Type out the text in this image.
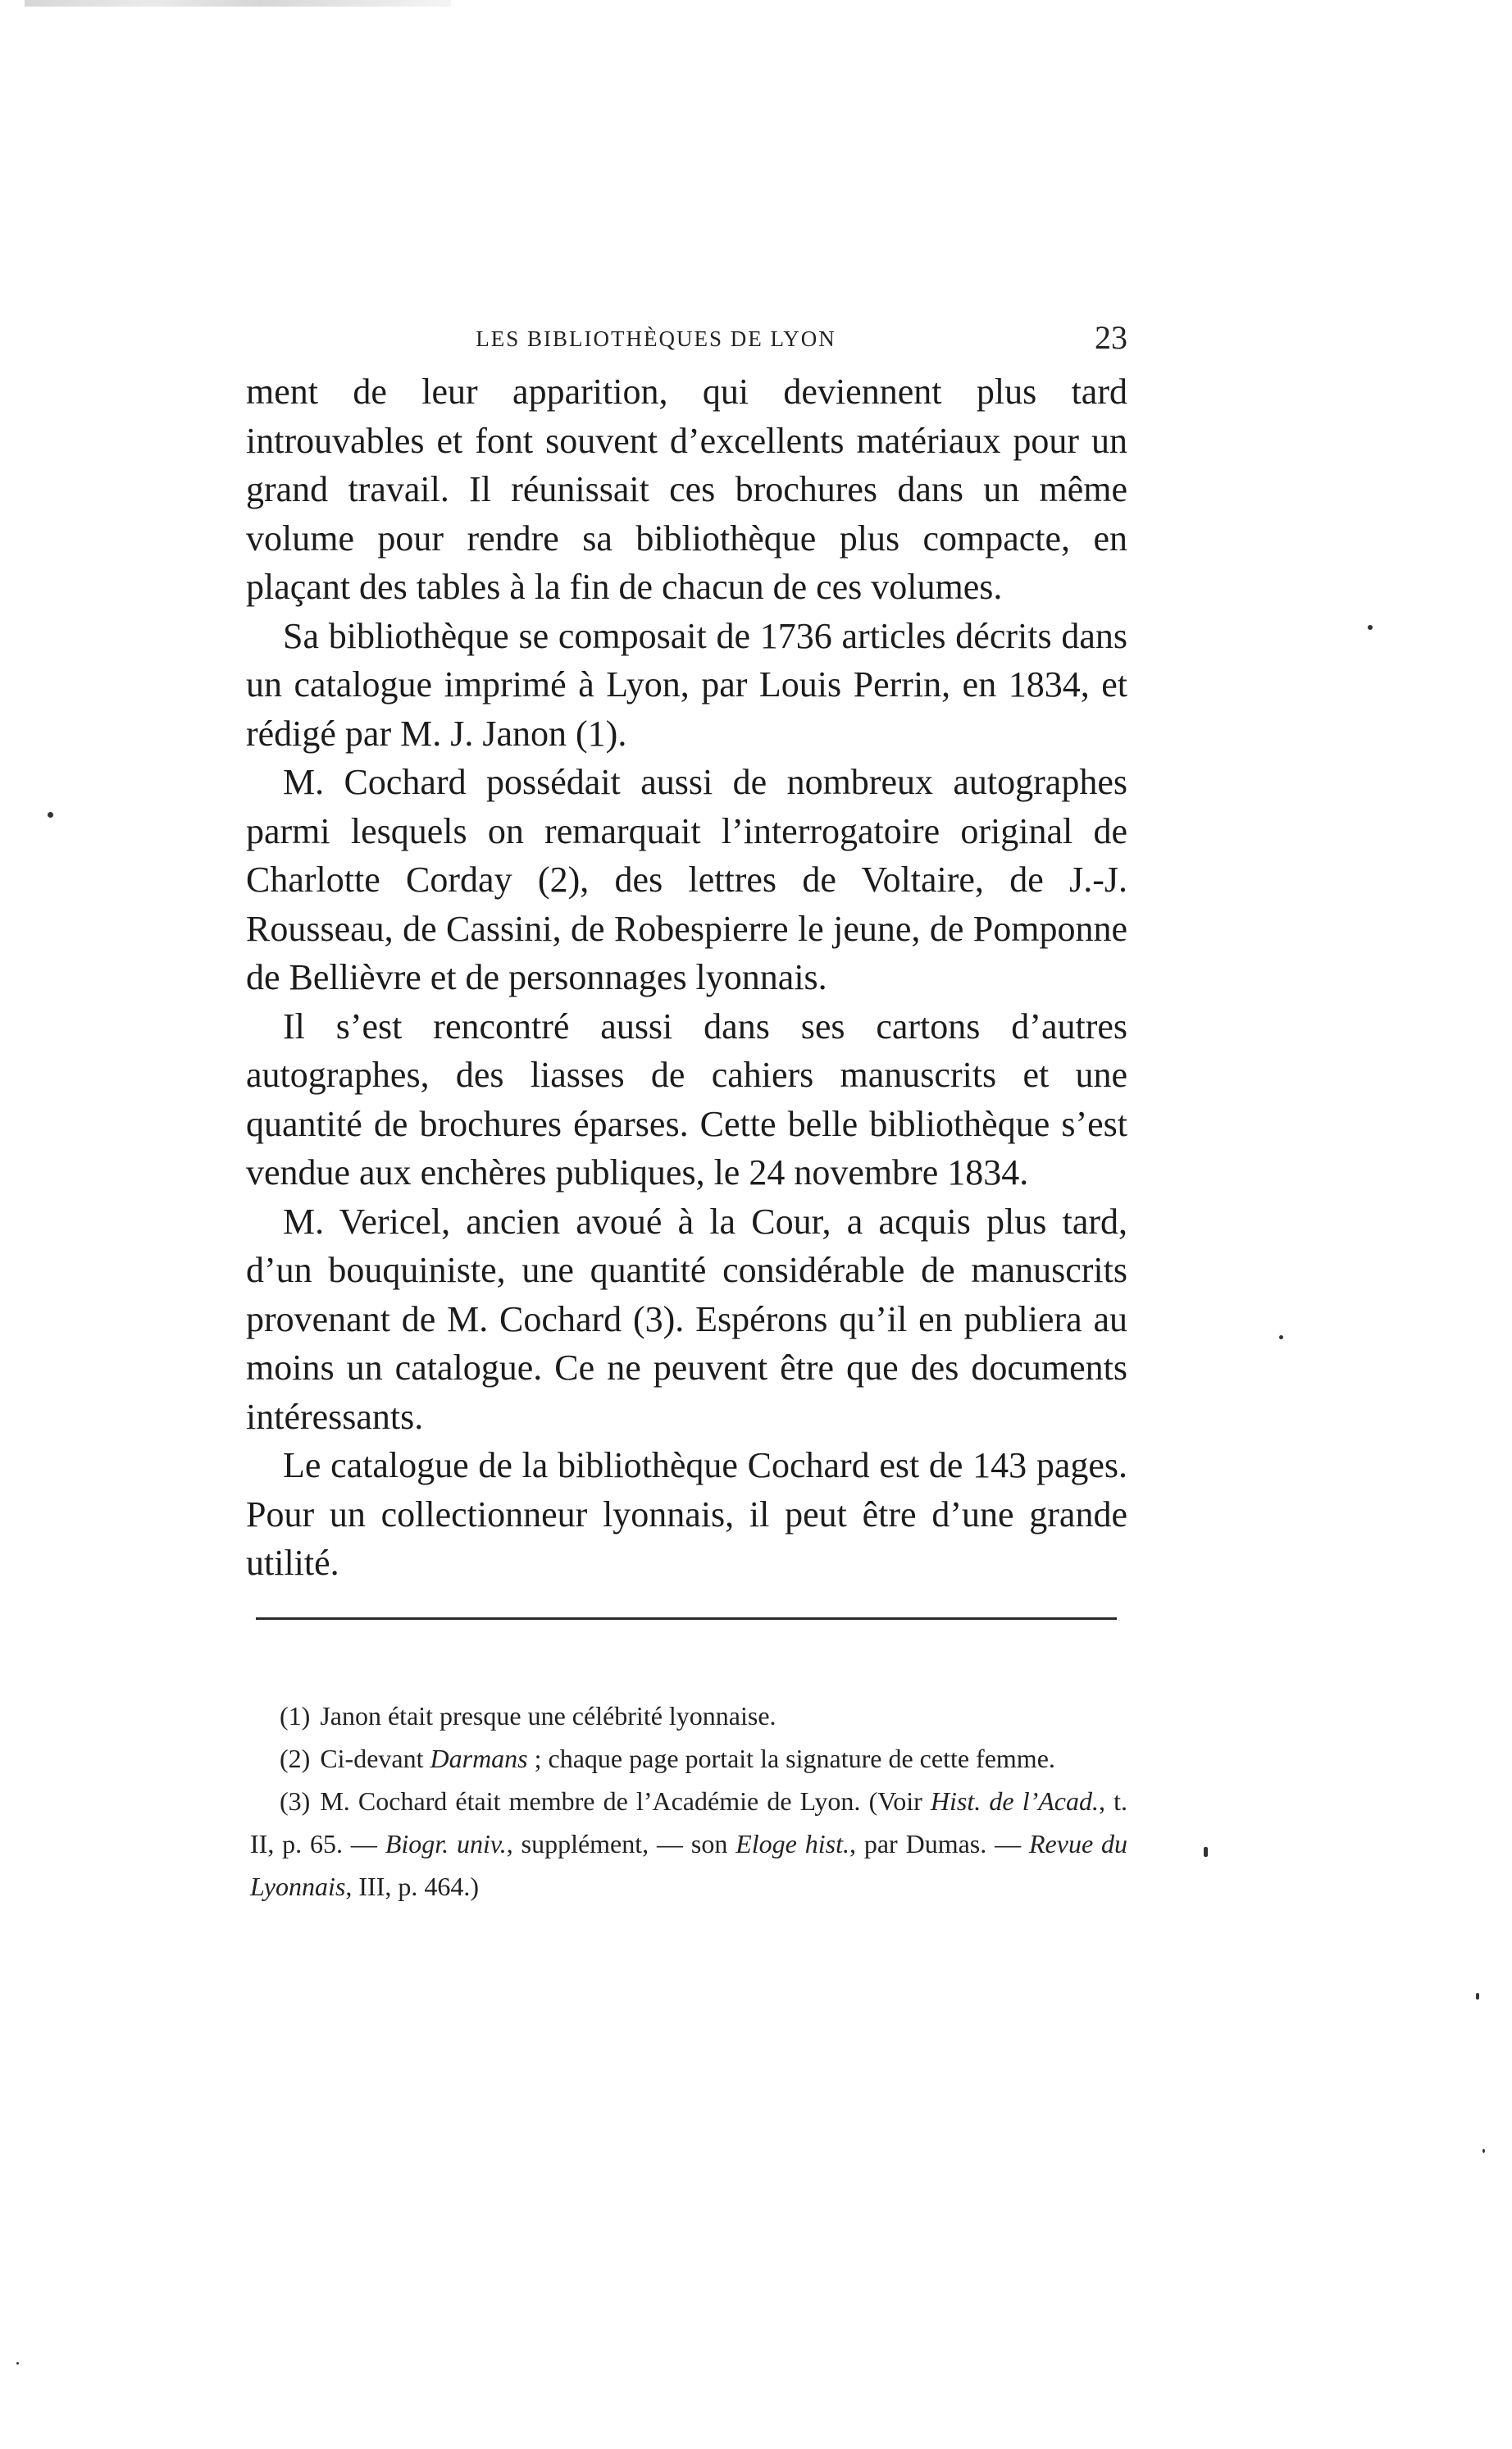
LES BIBLIOTHÈQUES DE LYON	23

ment de leur apparition, qui deviennent plus tard introuvables et font souvent d’excellents matériaux pour un grand travail. Il réunissait ces brochures dans un même volume pour rendre sa bibliothèque plus compacte, en plaçant des tables à la fin de chacun de ces volumes.

Sa bibliothèque se composait de 1736 articles décrits dans un catalogue imprimé à Lyon, par Louis Perrin, en 1834, et rédigé par M. J. Janon (1).

M. Cochard possédait aussi de nombreux autographes parmi lesquels on remarquait l’interrogatoire original de Charlotte Corday (2), des lettres de Voltaire, de J.-J. Rousseau, de Cassini, de Robespierre le jeune, de Pomponne de Bellièvre et de personnages lyonnais.

Il s’est rencontré aussi dans ses cartons d’autres autographes, des liasses de cahiers manuscrits et une quantité de brochures éparses. Cette belle bibliothèque s’est vendue aux enchères publiques, le 24 novembre 1834.

M. Vericel, ancien avoué à la Cour, a acquis plus tard, d’un bouquiniste, une quantité considérable de manuscrits provenant de M. Cochard (3). Espérons qu’il en publiera au moins un catalogue. Ce ne peuvent être que des documents intéressants.

Le catalogue de la bibliothèque Cochard est de 143 pages. Pour un collectionneur lyonnais, il peut être d’une grande utilité.

(1) Janon était presque une célébrité lyonnaise.

(2) Ci-devant Darmans ; chaque page portait la signature de cette femme.

(3) M. Cochard était membre de l’Académie de Lyon. (Voir Hist. de l’Acad., t. II, p. 65. — Biogr. univ., supplément, — son Eloge hist., par Dumas. — Revue du Lyonnais, III, p. 464.)
